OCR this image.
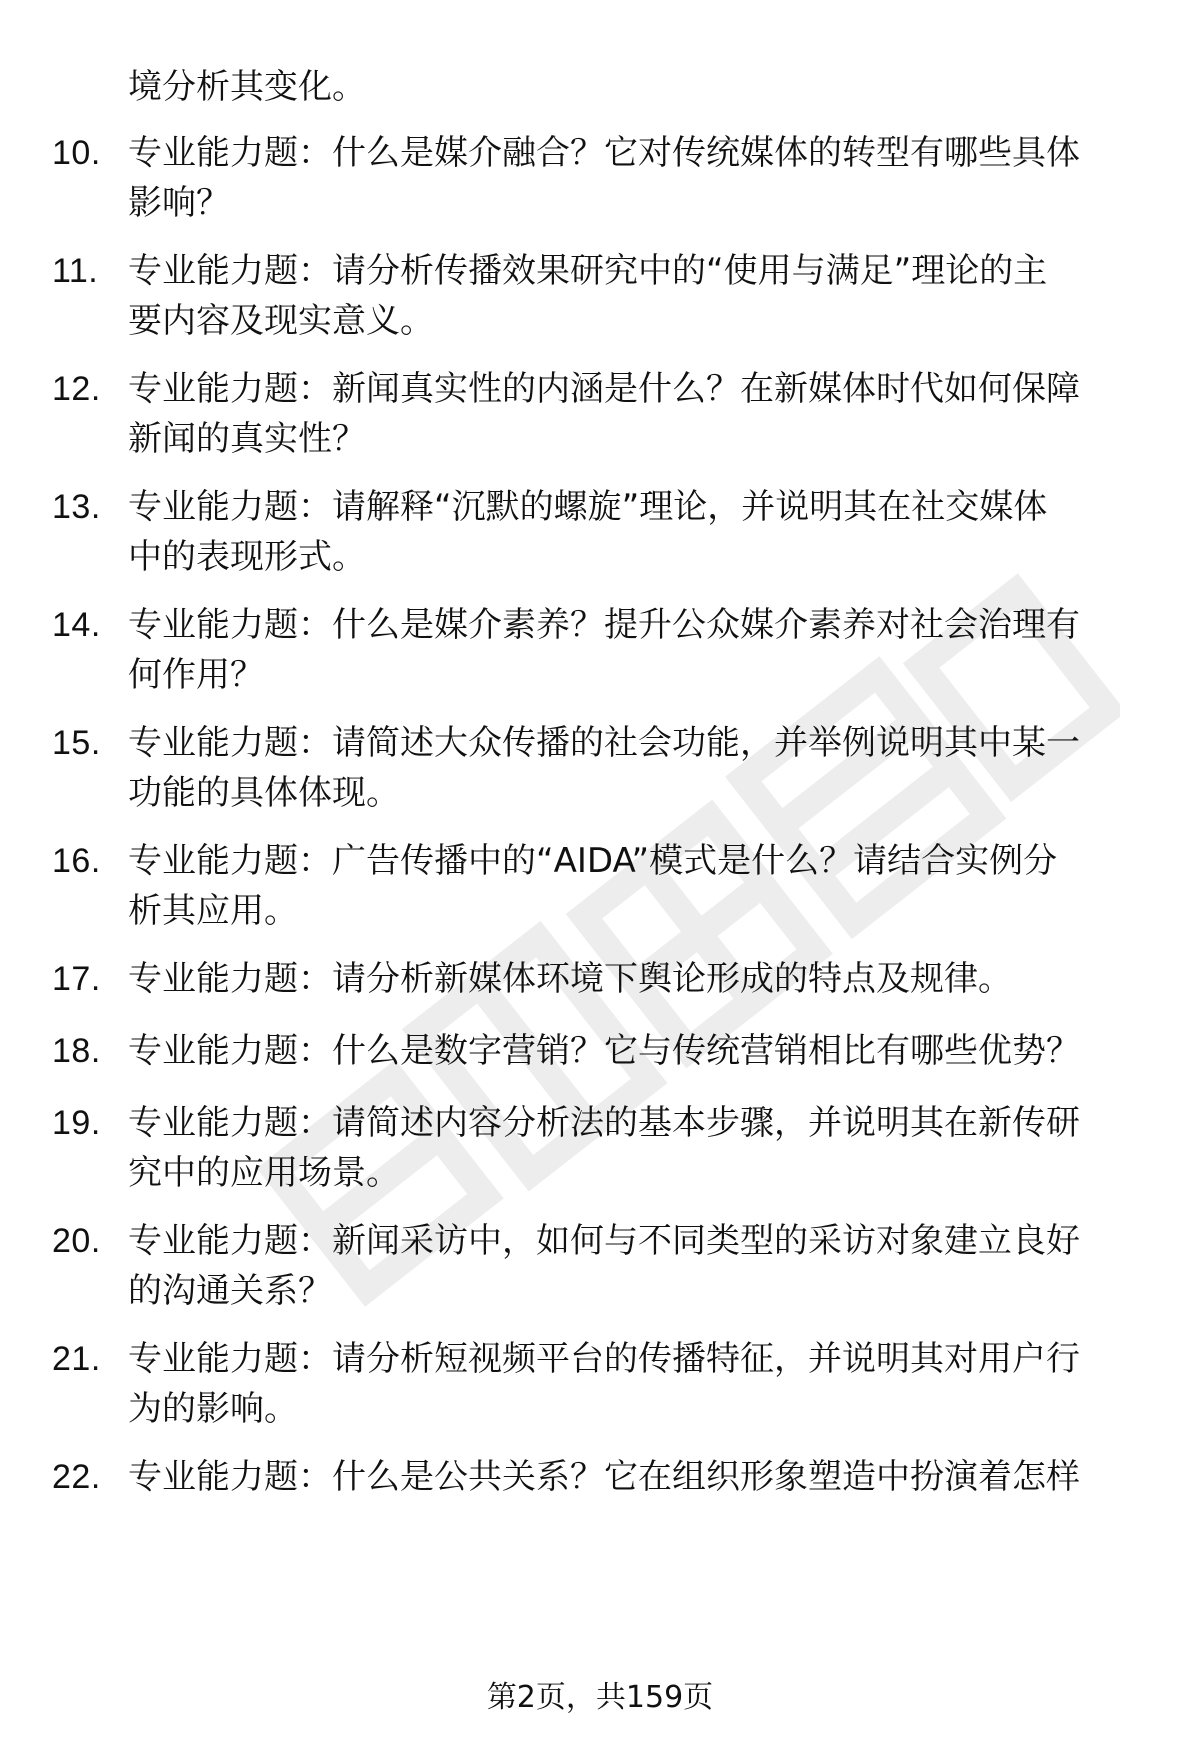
境分析其变化。

10. 专业能力题：什么是媒介融合？它对传统媒体的转型有哪些具体

影响？

11. 专业能力题：请分析传播效果研究中的“使用与满足”理论的主

要内容及现实意义。

12. 专业能力题：新闻真实性的内涵是什么？在新媒体时代如何保障

新闻的真实性？

13. 专业能力题：请解释“沉默的螺旋”理论，并说明其在社交媒体

中的表现形式。

14. 专业能力题：什么是媒介素养？提升公众媒介素养对社会治理有

何作用？

15. 专业能力题：请简述大众传播的社会功能，并举例说明其中某一

功能的具体体现。

16. 专业能力题：广告传播中的“AIDA”模式是什么？请结合实例分

析其应用。

17. 专业能力题：请分析新媒体环境下舆论形成的特点及规律。

18. 专业能力题：什么是数字营销？它与传统营销相比有哪些优势？

19. 专业能力题：请简述内容分析法的基本步骤，并说明其在新传研

究中的应用场景。

20. 专业能力题：新闻采访中，如何与不同类型的采访对象建立良好

的沟通关系？

21. 专业能力题：请分析短视频平台的传播特征，并说明其对用户行

为的影响。

22. 专业能力题：什么是公共关系？它在组织形象塑造中扮演着怎样

第2页，共159页
